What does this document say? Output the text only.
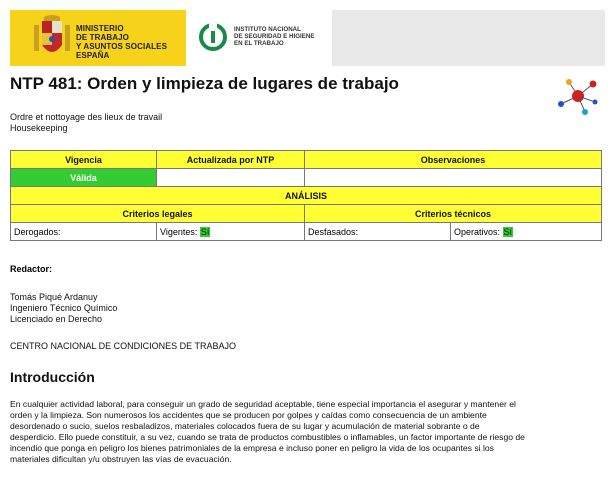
MINISTERIO
DE TRABAJO
Y ASUNTOS SOCIALES
ESPAÑA
INSTITUTO NACIONAL
DE SEGURIDAD E HIGIENE
EN EL TRABAJO
NTP 481: Orden y limpieza de lugares de trabajo
Ordre et nottoyage des lieux de travail
Housekeeping
Vigencia	Actualizada por NTP	Observaciones	
Válida			
ANÁLISIS			
Criterios legales		Criterios técnicos	
Derogados:	Vigentes: Sí	Desfasados:	Operativos: Sí
Redactor:
Tomás Piqué Ardanuy
Ingeniero Técnico Químico
Licenciado en Derecho
CENTRO NACIONAL DE CONDICIONES DE TRABAJO
Introducción
En cualquier actividad laboral, para conseguir un grado de seguridad aceptable, tiene especial importancia el asegurar y mantener el
orden y la limpieza. Son numerosos los accidentes que se producen por golpes y caídas como consecuencia de un ambiente
desordenado o sucio, suelos resbaladizos, materiales colocados fuera de su lugar y acumulación de material sobrante o de
desperdicio. Ello puede constituir, a su vez, cuando se trata de productos combustibles o inflamables, un factor importante de riesgo de
incendio que ponga en peligro los bienes patrimoniales de la empresa e incluso poner en peligro la vida de los ocupantes si los
materiales dificultan y/u obstruyen las vías de evacuación.
